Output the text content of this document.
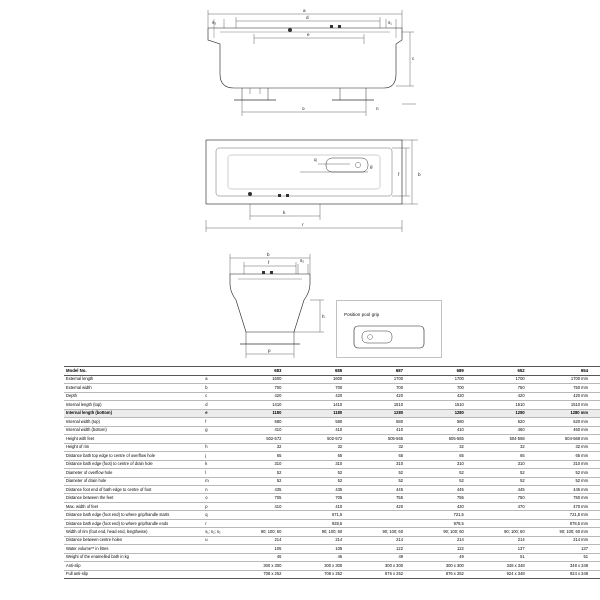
a
d
e
s₃	s₁
c
o	n
b
f
k
r
q
g
b
f	s₂
h
p
Position pool grip
Model No.		683	685	687	689	652	654
External length	a	1600	1600	1700	1700	1700	1700 mm
External width	b	700	700	700	700	750	750 mm
Depth	c	420	420	420	420	420	420 mm
Internal length (top)	d	1410	1410	1510	1510	1510	1510 mm
Internal length (bottom)	e	1180	1180	1280	1280	1280	1280 mm
Internal width (top)	f	580	580	580	580	620	620 mm
Internal width (bottom)	g	410	410	410	410	460	460 mm
Height with feet		502-572	502-572	505-565	505-565	504-568	504-568 mm
Height of rim	h	32	32	32	32	32	32 mm
Distance bath top edge to centre of overflow hole	j	65	65	65	65	65	65 mm
Distance bath edge (foot) to centre of drain hole	k	310	310	310	310	310	310 mm
Diameter of overflow hole	l	52	52	52	52	52	52 mm
Diameter of drain hole	m	52	52	52	52	52	52 mm
Distance foot end of bath edge to centre of foot	n	435	435	445	445	445	445 mm
Distance between the feet	o	705	705	755	755	750	750 mm
Max. width of feet	p	410	410	420	420	470	470 mm
Distance bath edge (foot end) to where grip/handle starts	q		671,5		721,5		721,5 mm
Distance bath edge (foot end) to where grip/handle ends	r		928,5		978,5		978,5 mm
Width of rim (foot end, head end, lengthwise)	s₁; s₂; s₃	90; 100; 60	90; 100; 60	90; 100; 60	90; 100; 60	90; 100; 60	90; 100; 60 mm
Distance between centre holes	u	214	214	214	214	214	214 mm
Water volume** in litres		105	105	122	122	137	137
Weight of the enamelled bath in kg		46	46	49	49	51	51
Anti-slip		300 x 300	300 x 300	300 x 300	300 x 300	348 x 348	348 x 348
Full anti-slip		708 x 252	708 x 252	876 x 252	876 x 252	924 x 348	924 x 348
